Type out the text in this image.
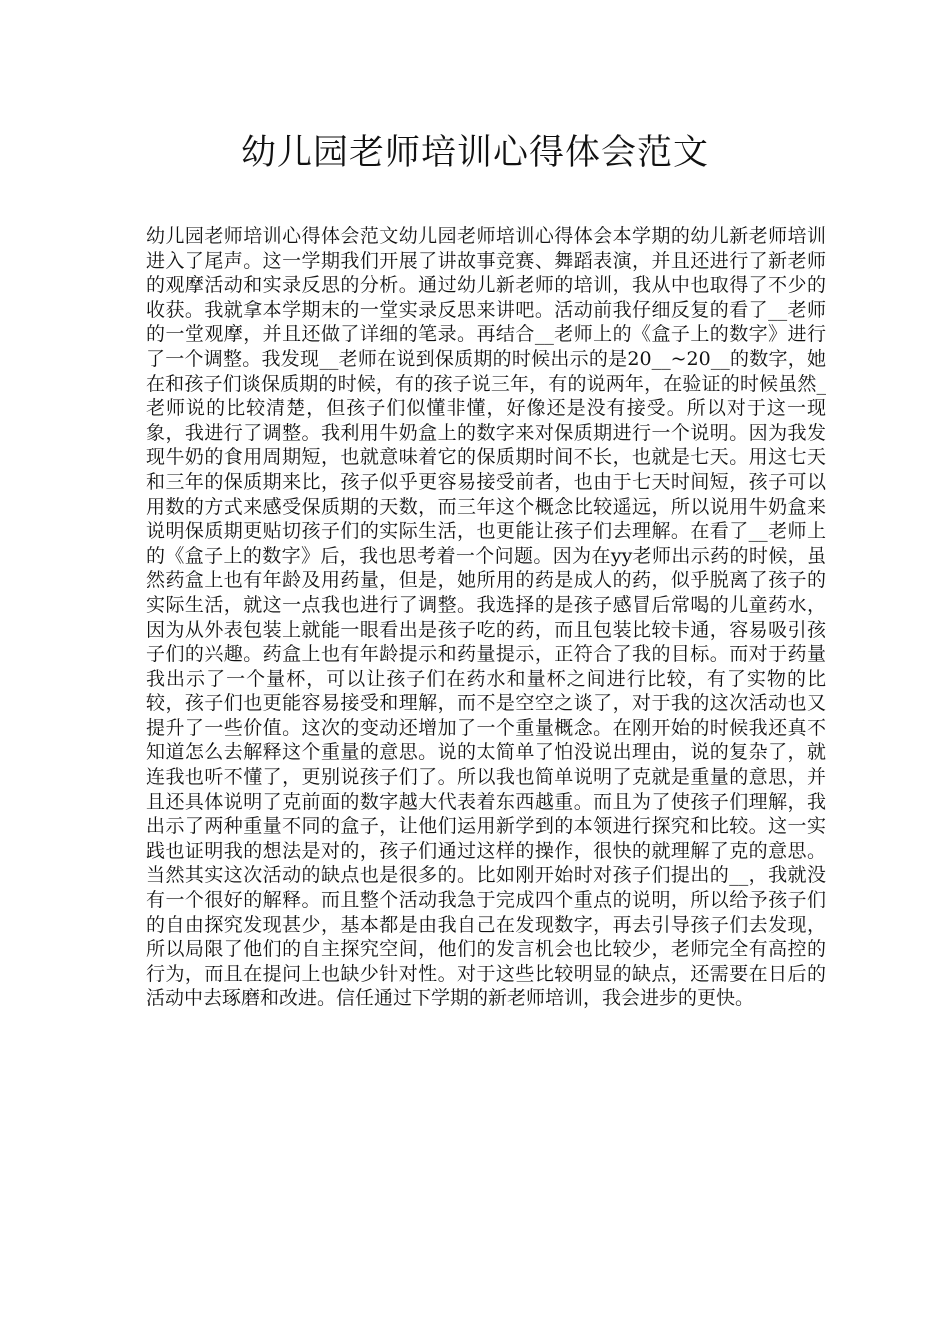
幼儿园老师培训心得体会范文

幼儿园老师培训心得体会范文幼儿园老师培训心得体会本学期的幼儿新老师培训进入了尾声。这一学期我们开展了讲故事竞赛、舞蹈表演，并且还进行了新老师的观摩活动和实录反思的分析。通过幼儿新老师的培训，我从中也取得了不少的收获。我就拿本学期末的一堂实录反思来讲吧。活动前我仔细反复的看了__老师的一堂观摩，并且还做了详细的笔录。再结合__老师上的《盒子上的数字》进行了一个调整。我发现__老师在说到保质期的时候出示的是20__~20__的数字，她在和孩子们谈保质期的时候，有的孩子说三年，有的说两年，在验证的时候虽然_老师说的比较清楚，但孩子们似懂非懂，好像还是没有接受。所以对于这一现象，我进行了调整。我利用牛奶盒上的数字来对保质期进行一个说明。因为我发现牛奶的食用周期短，也就意味着它的保质期时间不长，也就是七天。用这七天和三年的保质期来比，孩子似乎更容易接受前者，也由于七天时间短，孩子可以用数的方式来感受保质期的天数，而三年这个概念比较遥远，所以说用牛奶盒来说明保质期更贴切孩子们的实际生活，也更能让孩子们去理解。在看了__老师上的《盒子上的数字》后，我也思考着一个问题。因为在yy老师出示药的时候，虽然药盒上也有年龄及用药量，但是，她所用的药是成人的药，似乎脱离了孩子的实际生活，就这一点我也进行了调整。我选择的是孩子感冒后常喝的儿童药水，因为从外表包装上就能一眼看出是孩子吃的药，而且包装比较卡通，容易吸引孩子们的兴趣。药盒上也有年龄提示和药量提示，正符合了我的目标。而对于药量我出示了一个量杯，可以让孩子们在药水和量杯之间进行比较，有了实物的比较，孩子们也更能容易接受和理解，而不是空空之谈了，对于我的这次活动也又提升了一些价值。这次的变动还增加了一个重量概念。在刚开始的时候我还真不知道怎么去解释这个重量的意思。说的太简单了怕没说出理由，说的复杂了，就连我也听不懂了，更别说孩子们了。所以我也简单说明了克就是重量的意思，并且还具体说明了克前面的数字越大代表着东西越重。而且为了使孩子们理解，我出示了两种重量不同的盒子，让他们运用新学到的本领进行探究和比较。这一实践也证明我的想法是对的，孩子们通过这样的操作，很快的就理解了克的意思。当然其实这次活动的缺点也是很多的。比如刚开始时对孩子们提出的__，我就没有一个很好的解释。而且整个活动我急于完成四个重点的说明，所以给予孩子们的自由探究发现甚少，基本都是由我自己在发现数字，再去引导孩子们去发现，所以局限了他们的自主探究空间，他们的发言机会也比较少，老师完全有高控的行为，而且在提问上也缺少针对性。对于这些比较明显的缺点，还需要在日后的活动中去琢磨和改进。信任通过下学期的新老师培训，我会进步的更快。
